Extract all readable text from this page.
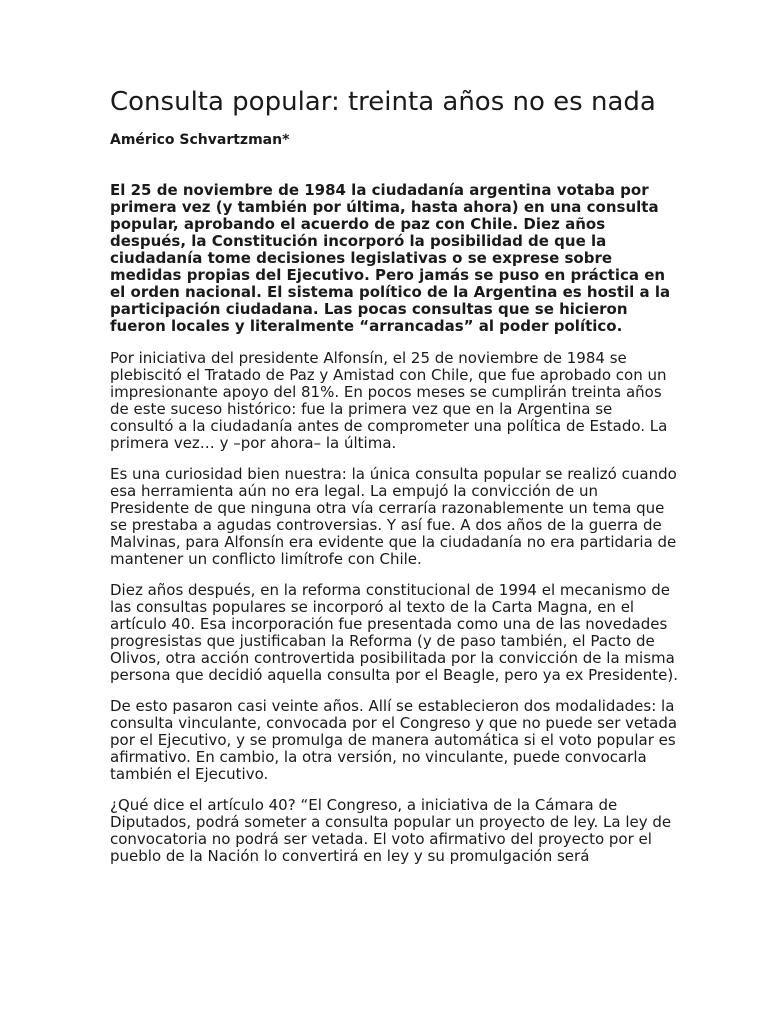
Consulta popular: treinta años no es nada
Américo Schvartzman*

El 25 de noviembre de 1984 la ciudadanía argentina votaba por primera vez (y también por última, hasta ahora) en una consulta popular, aprobando el acuerdo de paz con Chile. Diez años después, la Constitución incorporó la posibilidad de que la ciudadanía tome decisiones legislativas o se exprese sobre medidas propias del Ejecutivo. Pero jamás se puso en práctica en el orden nacional. El sistema político de la Argentina es hostil a la participación ciudadana. Las pocas consultas que se hicieron fueron locales y literalmente “arrancadas” al poder político.

Por iniciativa del presidente Alfonsín, el 25 de noviembre de 1984 se plebiscitó el Tratado de Paz y Amistad con Chile, que fue aprobado con un impresionante apoyo del 81%. En pocos meses se cumplirán treinta años de este suceso histórico: fue la primera vez que en la Argentina se consultó a la ciudadanía antes de comprometer una política de Estado. La primera vez… y –por ahora– la última.

Es una curiosidad bien nuestra: la única consulta popular se realizó cuando esa herramienta aún no era legal. La empujó la convicción de un Presidente de que ninguna otra vía cerraría razonablemente un tema que se prestaba a agudas controversias. Y así fue. A dos años de la guerra de Malvinas, para Alfonsín era evidente que la ciudadanía no era partidaria de mantener un conflicto limítrofe con Chile.

Diez años después, en la reforma constitucional de 1994 el mecanismo de las consultas populares se incorporó al texto de la Carta Magna, en el artículo 40. Esa incorporación fue presentada como una de las novedades progresistas que justificaban la Reforma (y de paso también, el Pacto de Olivos, otra acción controvertida posibilitada por la convicción de la misma persona que decidió aquella consulta por el Beagle, pero ya ex Presidente).

De esto pasaron casi veinte años. Allí se establecieron dos modalidades: la consulta vinculante, convocada por el Congreso y que no puede ser vetada por el Ejecutivo, y se promulga de manera automática si el voto popular es afirmativo. En cambio, la otra versión, no vinculante, puede convocarla también el Ejecutivo.

¿Qué dice el artículo 40? “El Congreso, a iniciativa de la Cámara de Diputados, podrá someter a consulta popular un proyecto de ley. La ley de convocatoria no podrá ser vetada. El voto afirmativo del proyecto por el pueblo de la Nación lo convertirá en ley y su promulgación será
